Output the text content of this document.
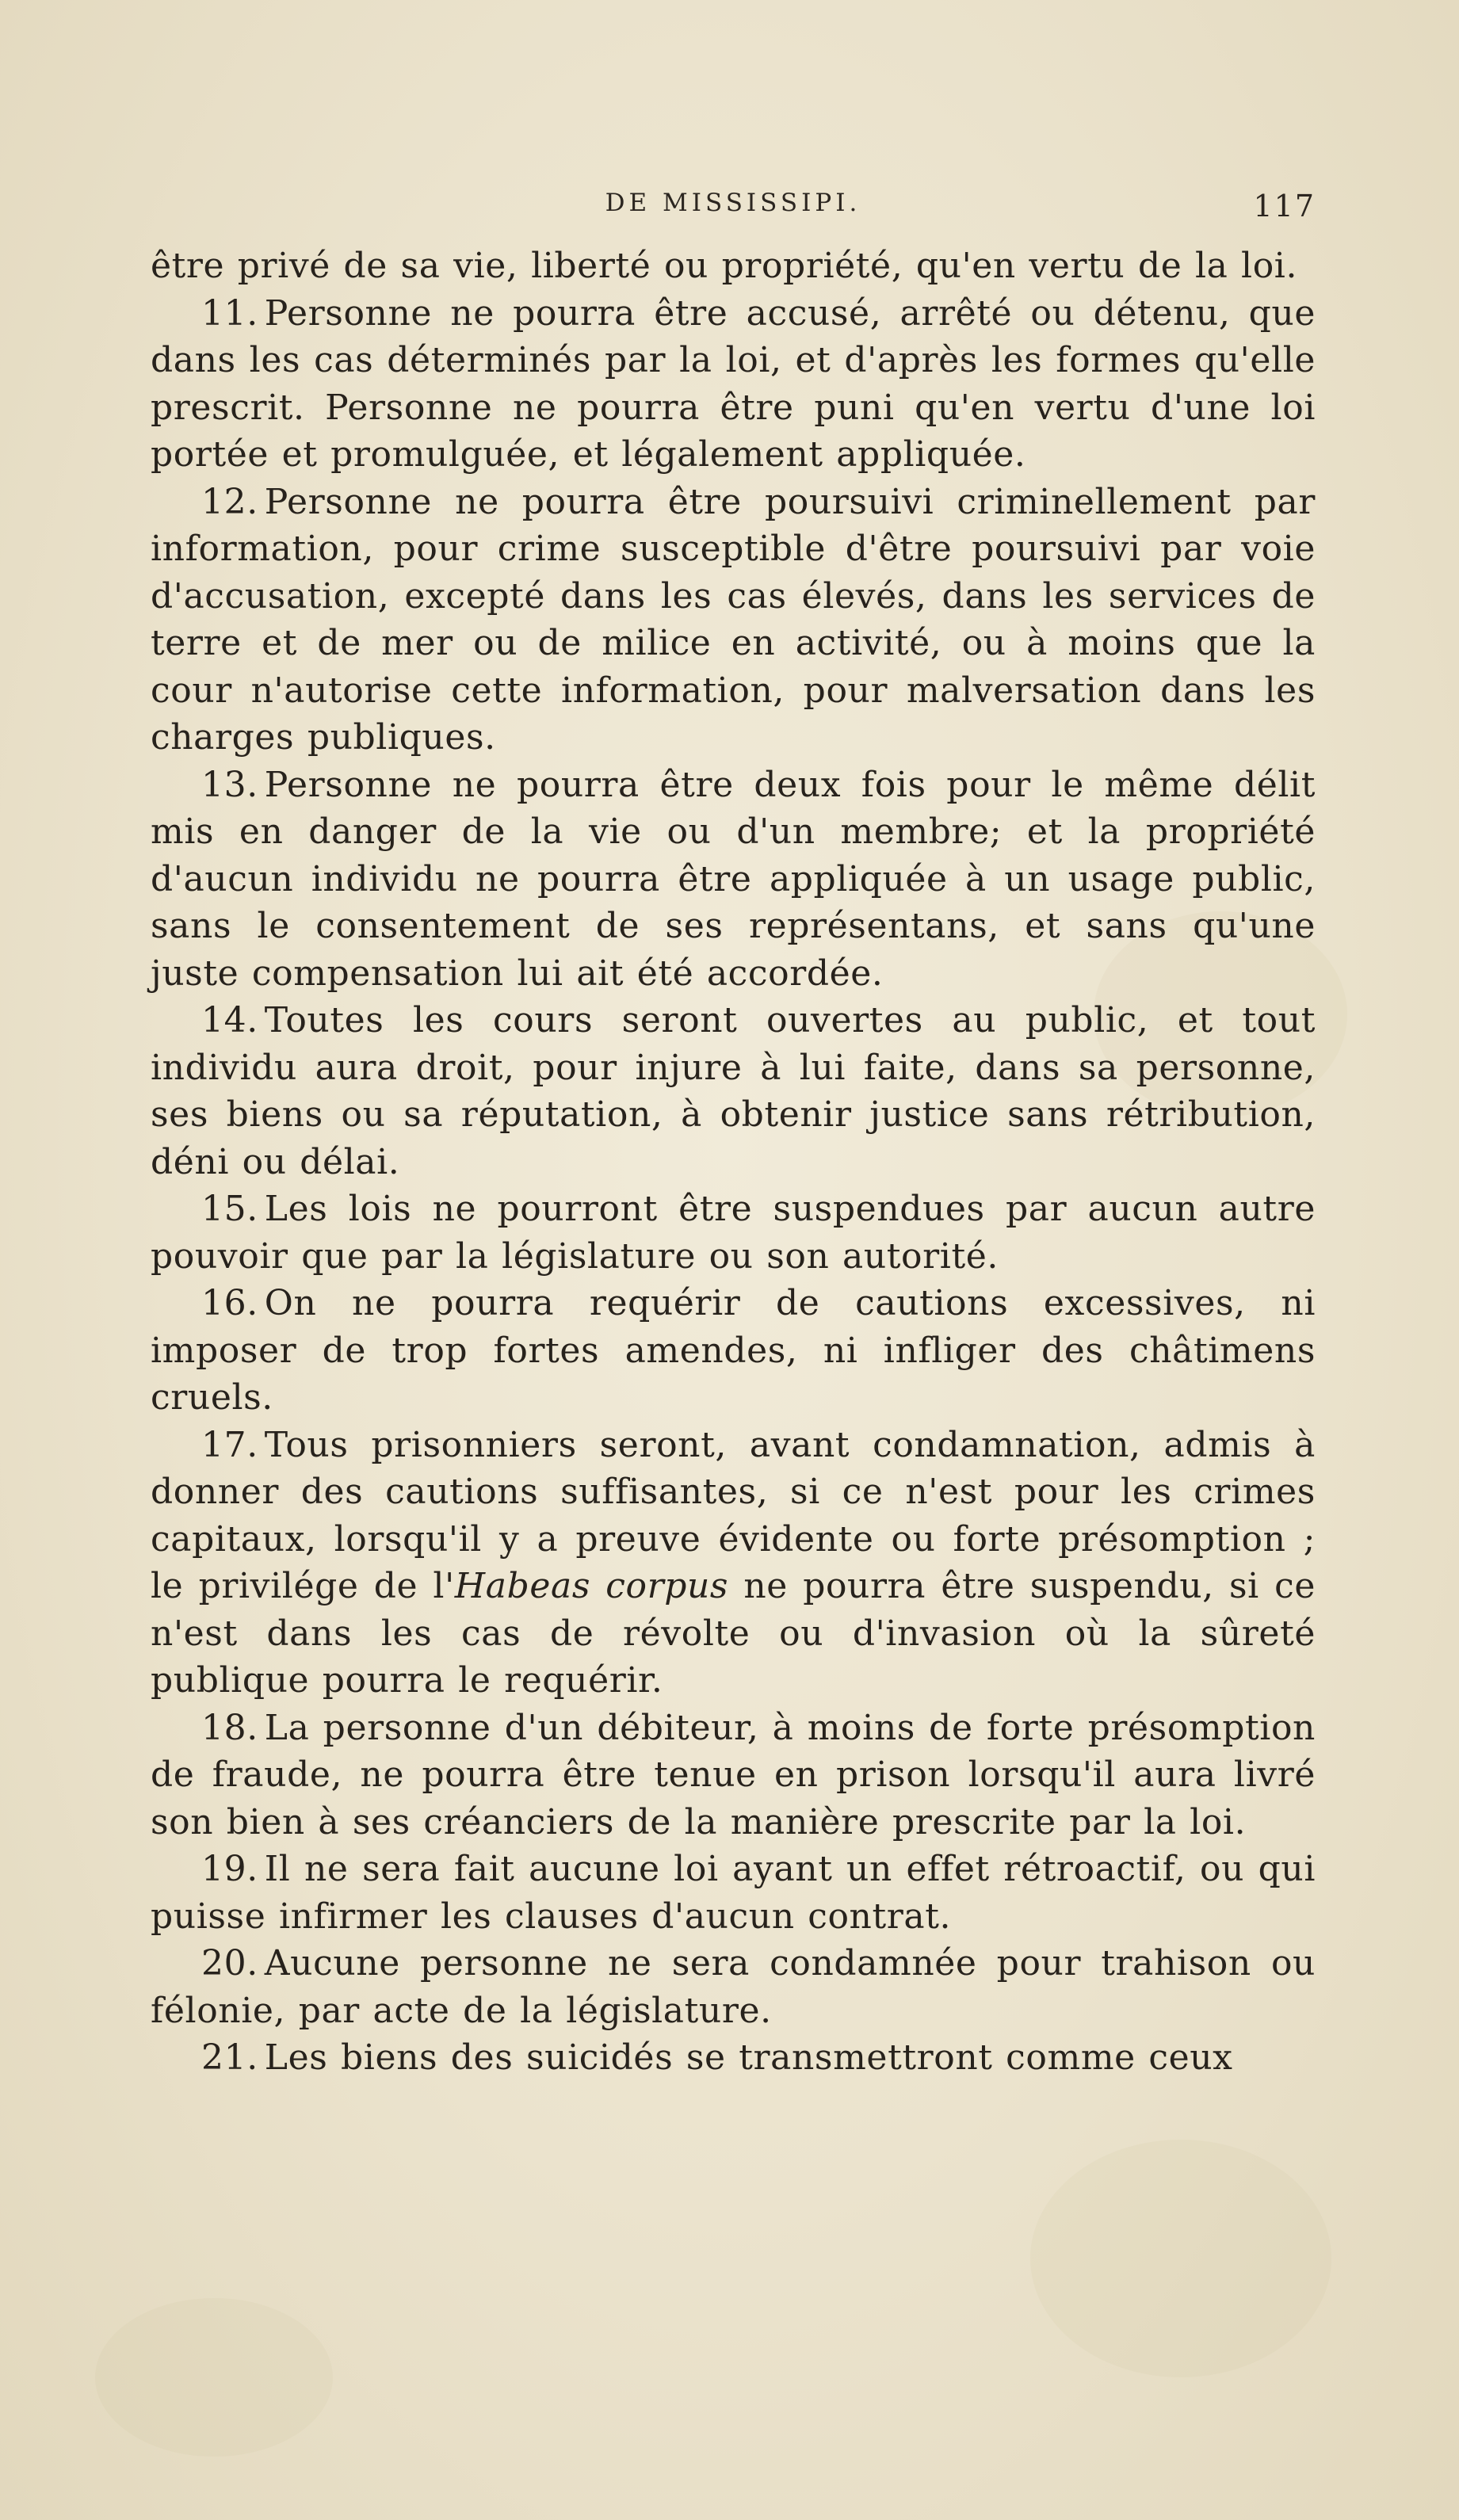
DE MISSISSIPI.	117

être privé de sa vie, liberté ou propriété, qu'en vertu de la loi.

11. Personne ne pourra être accusé, arrêté ou détenu, que dans les cas déterminés par la loi, et d'après les formes qu'elle prescrit. Personne ne pourra être puni qu'en vertu d'une loi portée et promulguée, et légalement appliquée.

12. Personne ne pourra être poursuivi criminellement par information, pour crime susceptible d'être poursuivi par voie d'accusation, excepté dans les cas élevés, dans les services de terre et de mer ou de milice en activité, ou à moins que la cour n'autorise cette information, pour malversation dans les charges publiques.

13. Personne ne pourra être deux fois pour le même délit mis en danger de la vie ou d'un membre; et la propriété d'aucun individu ne pourra être appliquée à un usage public, sans le consentement de ses représentans, et sans qu'une juste compensation lui ait été accordée.

14. Toutes les cours seront ouvertes au public, et tout individu aura droit, pour injure à lui faite, dans sa personne, ses biens ou sa réputation, à obtenir justice sans rétribution, déni ou délai.

15. Les lois ne pourront être suspendues par aucun autre pouvoir que par la législature ou son autorité.

16. On ne pourra requérir de cautions excessives, ni imposer de trop fortes amendes, ni infliger des châtimens cruels.

17. Tous prisonniers seront, avant condamnation, admis à donner des cautions suffisantes, si ce n'est pour les crimes capitaux, lorsqu'il y a preuve évidente ou forte présomption ; le privilége de l'Habeas corpus ne pourra être suspendu, si ce n'est dans les cas de révolte ou d'invasion où la sûreté publique pourra le requérir.

18. La personne d'un débiteur, à moins de forte présomption de fraude, ne pourra être tenue en prison lorsqu'il aura livré son bien à ses créanciers de la manière prescrite par la loi.

19. Il ne sera fait aucune loi ayant un effet rétroactif, ou qui puisse infirmer les clauses d'aucun contrat.

20. Aucune personne ne sera condamnée pour trahison ou félonie, par acte de la législature.

21. Les biens des suicidés se transmettront comme ceux
